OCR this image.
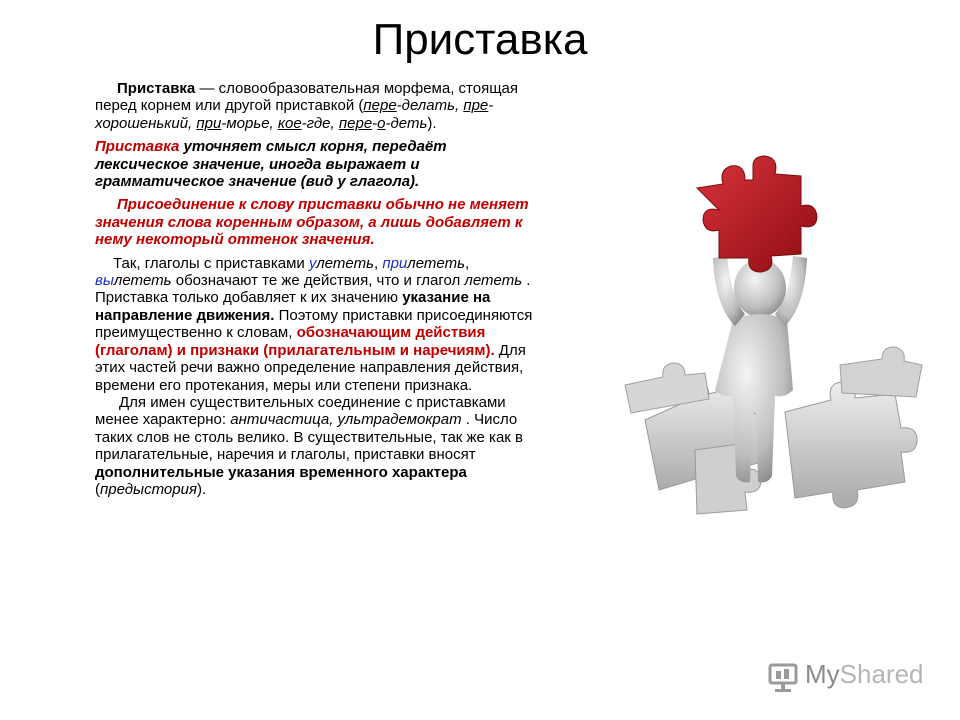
Приставка

Приставка — словообразовательная морфема, стоящая перед корнем или другой приставкой (пере-делать, пре-хорошенький, при-морье, кое-где, пере-о-деть).

Приставка уточняет смысл корня, передаёт лексическое значение, иногда выражает и грамматическое значение (вид у глагола).

Присоединение к слову приставки обычно не меняет значения слова коренным образом, а лишь добавляет к нему некоторый оттенок значения.

Так, глаголы с приставками улететь, прилететь, вылететь обозначают те же действия, что и глагол лететь . Приставка только добавляет к их значению указание на направление движения. Поэтому приставки присоединяются преимущественно к словам, обозначающим действия (глаголам) и признаки (прилагательным и наречиям). Для этих частей речи важно определение направления действия, времени его протекания, меры или степени признака.

Для имен существительных соединение с приставками менее характерно: античастица, ультрадемократ . Число таких слов не столь велико. В существительные, так же как в прилагательные, наречия и глаголы, приставки вносят дополнительные указания временного характера (предыстория).

MyShared
